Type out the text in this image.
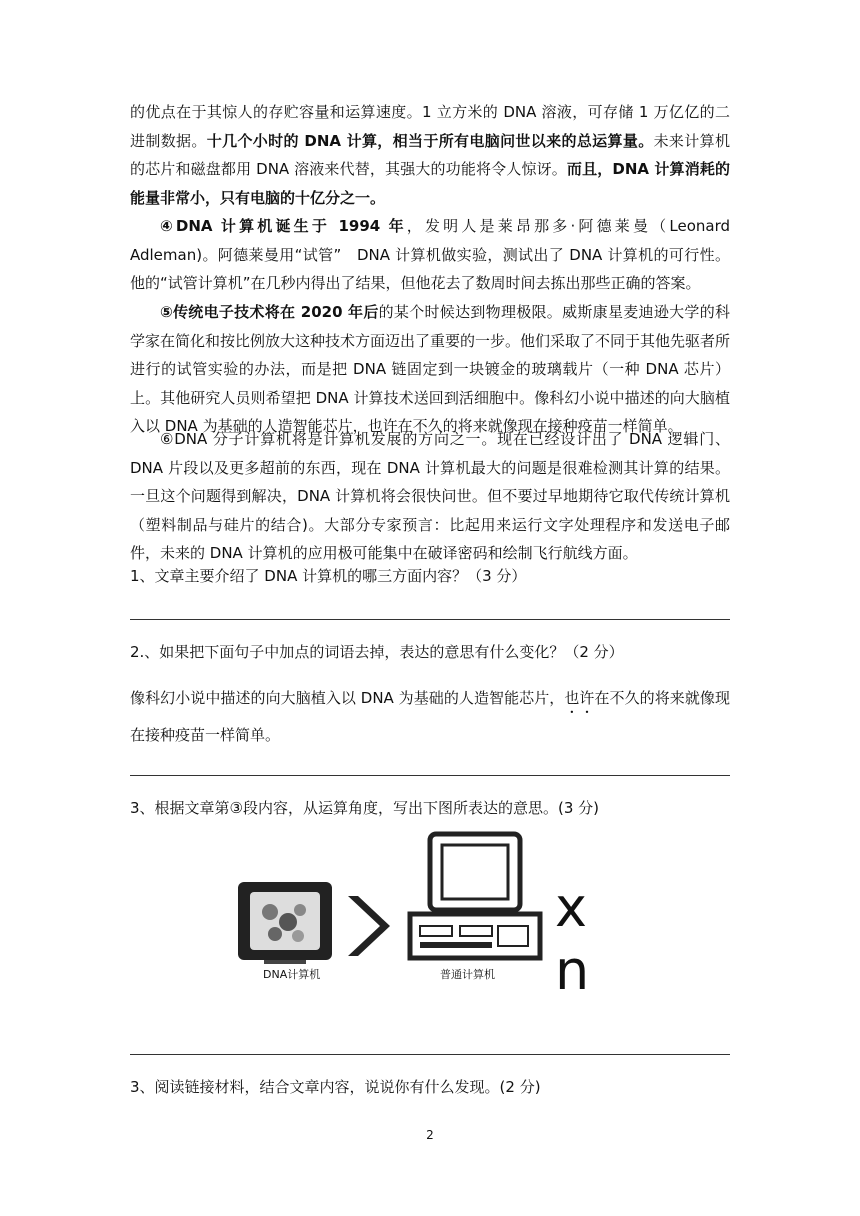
的优点在于其惊人的存贮容量和运算速度。1 立方米的 DNA 溶液，可存储 1 万亿亿的二进制数据。十几个小时的 DNA 计算，相当于所有电脑问世以来的总运算量。未来计算机的芯片和磁盘都用 DNA 溶液来代替，其强大的功能将令人惊讶。而且，DNA 计算消耗的能量非常小，只有电脑的十亿分之一。

④DNA 计算机诞生于 1994 年，发明人是莱昂那多·阿德莱曼（Leonard　Adleman)。阿德莱曼用“试管”　DNA 计算机做实验，测试出了 DNA 计算机的可行性。他的“试管计算机”在几秒内得出了结果，但他花去了数周时间去拣出那些正确的答案。

⑤传统电子技术将在 2020 年后的某个时候达到物理极限。威斯康星麦迪逊大学的科学家在简化和按比例放大这种技术方面迈出了重要的一步。他们采取了不同于其他先驱者所进行的试管实验的办法，而是把 DNA 链固定到一块镀金的玻璃载片（一种 DNA 芯片）上。其他研究人员则希望把 DNA 计算技术送回到活细胞中。像科幻小说中描述的向大脑植入以 DNA 为基础的人造智能芯片，也许在不久的将来就像现在接种疫苗一样简单。

⑥DNA 分子计算机将是计算机发展的方向之一。现在已经设计出了 DNA 逻辑门、DNA 片段以及更多超前的东西，现在 DNA 计算机最大的问题是很难检测其计算的结果。一旦这个问题得到解决，DNA 计算机将会很快问世。但不要过早地期待它取代传统计算机（塑料制品与硅片的结合)。大部分专家预言：比起用来运行文字处理程序和发送电子邮件，未来的 DNA 计算机的应用极可能集中在破译密码和绘制飞行航线方面。

1、文章主要介绍了 DNA 计算机的哪三方面内容？（3 分）

2.、如果把下面句子中加点的词语去掉，表达的意思有什么变化？（2 分）

像科幻小说中描述的向大脑植入以 DNA 为基础的人造智能芯片，也许在不久的将来就像现在接种疫苗一样简单。

3、根据文章第③段内容，从运算角度，写出下图所表达的意思。(3 分)

DNA计算机	普通计算机
x n

3、阅读链接材料，结合文章内容，说说你有什么发现。(2 分)

2
